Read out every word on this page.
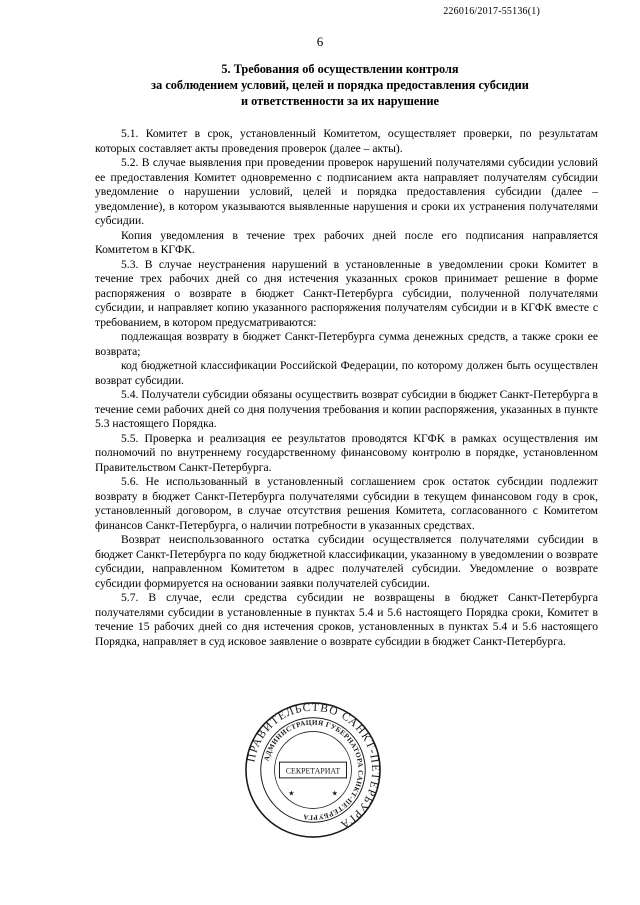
226016/2017-55136(1)
6
5. Требования об осуществлении контроля
за соблюдением условий, целей и порядка предоставления субсидии
и ответственности за их нарушение

5.1. Комитет в срок, установленный Комитетом, осуществляет проверки, по результатам которых составляет акты проведения проверок (далее – акты).

5.2. В случае выявления при проведении проверок нарушений получателями субсидии условий ее предоставления Комитет одновременно с подписанием акта направляет получателям субсидии уведомление о нарушении условий, целей и порядка предоставления субсидии (далее – уведомление), в котором указываются выявленные нарушения и сроки их устранения получателями субсидии.

Копия уведомления в течение трех рабочих дней после его подписания направляется Комитетом в КГФК.

5.3. В случае неустранения нарушений в установленные в уведомлении сроки Комитет в течение трех рабочих дней со дня истечения указанных сроков принимает решение в форме распоряжения о возврате в бюджет Санкт-Петербурга субсидии, полученной получателями субсидии, и направляет копию указанного распоряжения получателям субсидии и в КГФК вместе с требованием, в котором предусматриваются:

подлежащая возврату в бюджет Санкт-Петербурга сумма денежных средств, а также сроки ее возврата;

код бюджетной классификации Российской Федерации, по которому должен быть осуществлен возврат субсидии.

5.4. Получатели субсидии обязаны осуществить возврат субсидии в бюджет Санкт-Петербурга в течение семи рабочих дней со дня получения требования и копии распоряжения, указанных в пункте 5.3 настоящего Порядка.

5.5. Проверка и реализация ее результатов проводятся КГФК в рамках осуществления им полномочий по внутреннему государственному финансовому контролю в порядке, установленном Правительством Санкт-Петербурга.

5.6. Не использованный в установленный соглашением срок остаток субсидии подлежит возврату в бюджет Санкт-Петербурга получателями субсидии в текущем финансовом году в срок, установленный договором, в случае отсутствия решения Комитета, согласованного с Комитетом финансов Санкт-Петербурга, о наличии потребности в указанных средствах.

Возврат неиспользованного остатка субсидии осуществляется получателями субсидии в бюджет Санкт-Петербурга по коду бюджетной классификации, указанному в уведомлении о возврате субсидии, направленном Комитетом в адрес получателей субсидии. Уведомление о возврате субсидии формируется на основании заявки получателей субсидии.

5.7. В случае, если средства субсидии не возвращены в бюджет Санкт-Петербурга получателями субсидии в установленные в пунктах 5.4 и 5.6 настоящего Порядка сроки, Комитет в течение 15 рабочих дней со дня истечения сроков, установленных в пунктах 5.4 и 5.6 настоящего Порядка, направляет в суд исковое заявление о возврате субсидии в бюджет Санкт-Петербурга.

ПРАВИТЕЛЬСТВО САНКТ-ПЕТЕРБУРГА
АДМИНИСТРАЦИЯ ГУБЕРНАТОРА САНКТ-ПЕТЕРБУРГА
СЕКРЕТАРИАТ
★	★
